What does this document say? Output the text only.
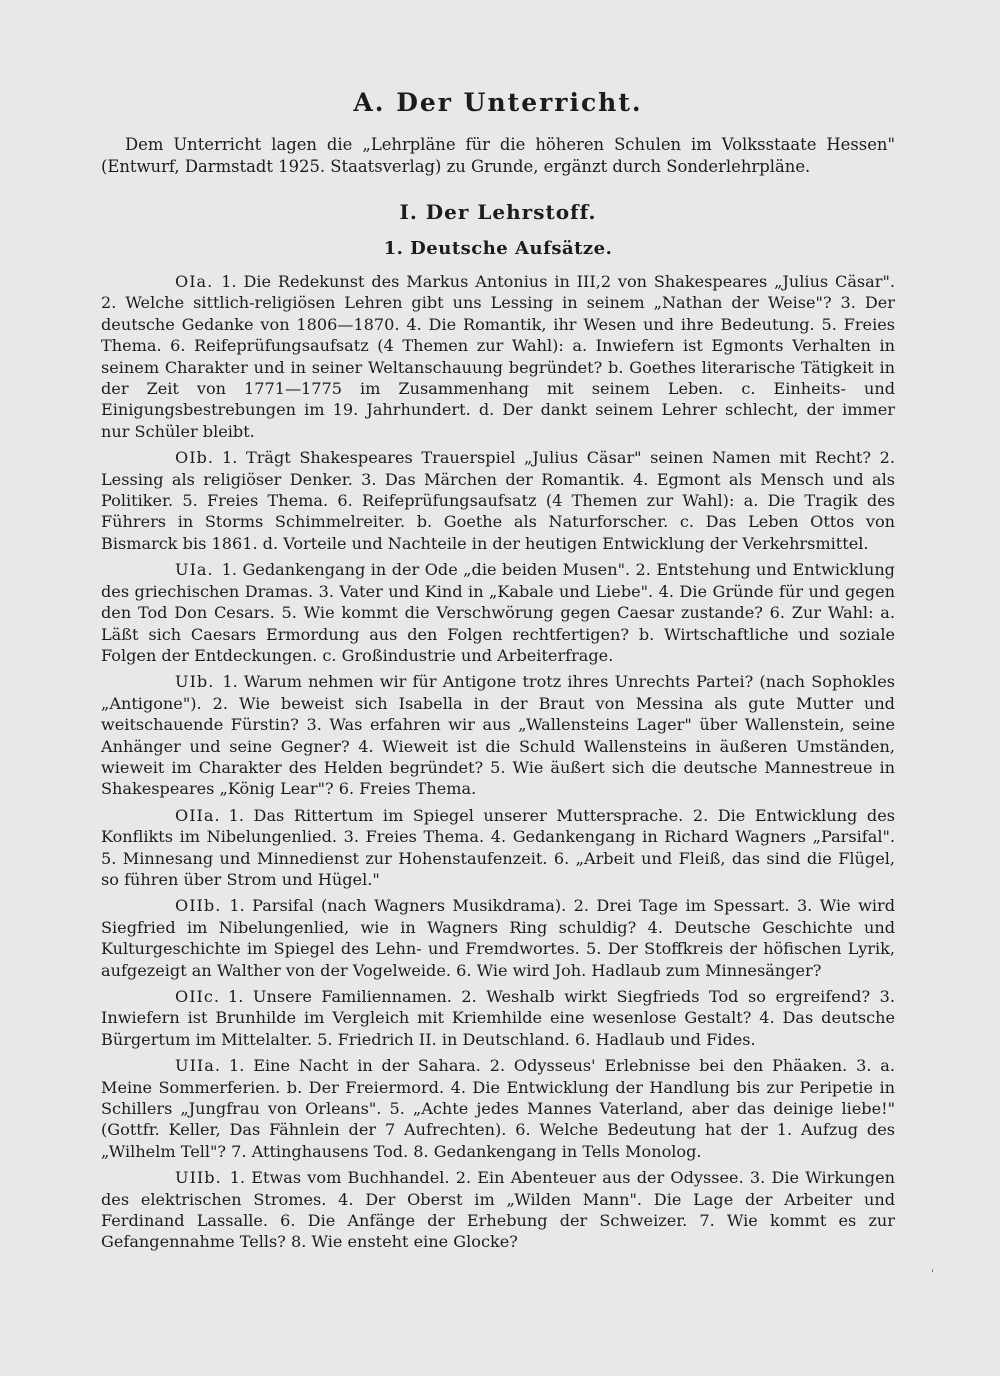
A. Der Unterricht.

Dem Unterricht lagen die „Lehrpläne für die höheren Schulen im Volksstaate Hessen" (Entwurf, Darmstadt 1925. Staatsverlag) zu Grunde, ergänzt durch Sonderlehrpläne.

I. Der Lehrstoff.
1. Deutsche Aufsätze.

OIa. 1. Die Redekunst des Markus Antonius in III,2 von Shakespeares „Julius Cäsar". 2. Welche sittlich-religiösen Lehren gibt uns Lessing in seinem „Nathan der Weise"? 3. Der deutsche Gedanke von 1806—1870. 4. Die Romantik, ihr Wesen und ihre Bedeutung. 5. Freies Thema. 6. Reifeprüfungsaufsatz (4 Themen zur Wahl): a. Inwiefern ist Egmonts Verhalten in seinem Charakter und in seiner Weltanschauung begründet? b. Goethes literarische Tätigkeit in der Zeit von 1771—1775 im Zusammenhang mit seinem Leben. c. Einheits- und Einigungsbestrebungen im 19. Jahrhundert. d. Der dankt seinem Lehrer schlecht, der immer nur Schüler bleibt.

OIb. 1. Trägt Shakespeares Trauerspiel „Julius Cäsar" seinen Namen mit Recht? 2. Lessing als religiöser Denker. 3. Das Märchen der Romantik. 4. Egmont als Mensch und als Politiker. 5. Freies Thema. 6. Reifeprüfungsaufsatz (4 Themen zur Wahl): a. Die Tragik des Führers in Storms Schimmelreiter. b. Goethe als Naturforscher. c. Das Leben Ottos von Bismarck bis 1861. d. Vorteile und Nachteile in der heutigen Entwicklung der Verkehrsmittel.

UIa. 1. Gedankengang in der Ode „die beiden Musen". 2. Entstehung und Entwicklung des griechischen Dramas. 3. Vater und Kind in „Kabale und Liebe". 4. Die Gründe für und gegen den Tod Don Cesars. 5. Wie kommt die Verschwörung gegen Caesar zustande? 6. Zur Wahl: a. Läßt sich Caesars Ermordung aus den Folgen rechtfertigen? b. Wirtschaftliche und soziale Folgen der Entdeckungen. c. Großindustrie und Arbeiterfrage.

UIb. 1. Warum nehmen wir für Antigone trotz ihres Unrechts Partei? (nach Sophokles „Antigone"). 2. Wie beweist sich Isabella in der Braut von Messina als gute Mutter und weitschauende Fürstin? 3. Was erfahren wir aus „Wallensteins Lager" über Wallenstein, seine Anhänger und seine Gegner? 4. Wieweit ist die Schuld Wallensteins in äußeren Umständen, wieweit im Charakter des Helden begründet? 5. Wie äußert sich die deutsche Mannestreue in Shakespeares „König Lear"? 6. Freies Thema.

OIIa. 1. Das Rittertum im Spiegel unserer Muttersprache. 2. Die Entwicklung des Konflikts im Nibelungenlied. 3. Freies Thema. 4. Gedankengang in Richard Wagners „Parsifal". 5. Minnesang und Minnedienst zur Hohenstaufenzeit. 6. „Arbeit und Fleiß, das sind die Flügel, so führen über Strom und Hügel."

OIIb. 1. Parsifal (nach Wagners Musikdrama). 2. Drei Tage im Spessart. 3. Wie wird Siegfried im Nibelungenlied, wie in Wagners Ring schuldig? 4. Deutsche Geschichte und Kulturgeschichte im Spiegel des Lehn- und Fremdwortes. 5. Der Stoffkreis der höfischen Lyrik, aufgezeigt an Walther von der Vogelweide. 6. Wie wird Joh. Hadlaub zum Minnesänger?

OIIc. 1. Unsere Familiennamen. 2. Weshalb wirkt Siegfrieds Tod so ergreifend? 3. Inwiefern ist Brunhilde im Vergleich mit Kriemhilde eine wesenlose Gestalt? 4. Das deutsche Bürgertum im Mittelalter. 5. Friedrich II. in Deutschland. 6. Hadlaub und Fides.

UIIa. 1. Eine Nacht in der Sahara. 2. Odysseus' Erlebnisse bei den Phäaken. 3. a. Meine Sommerferien. b. Der Freiermord. 4. Die Entwicklung der Handlung bis zur Peripetie in Schillers „Jungfrau von Orleans". 5. „Achte jedes Mannes Vaterland, aber das deinige liebe!" (Gottfr. Keller, Das Fähnlein der 7 Aufrechten). 6. Welche Bedeutung hat der 1. Aufzug des „Wilhelm Tell"? 7. Attinghausens Tod. 8. Gedankengang in Tells Monolog.

UIIb. 1. Etwas vom Buchhandel. 2. Ein Abenteuer aus der Odyssee. 3. Die Wirkungen des elektrischen Stromes. 4. Der Oberst im „Wilden Mann". Die Lage der Arbeiter und Ferdinand Lassalle. 6. Die Anfänge der Erhebung der Schweizer. 7. Wie kommt es zur Gefangennahme Tells? 8. Wie ensteht eine Glocke?

ˈ
